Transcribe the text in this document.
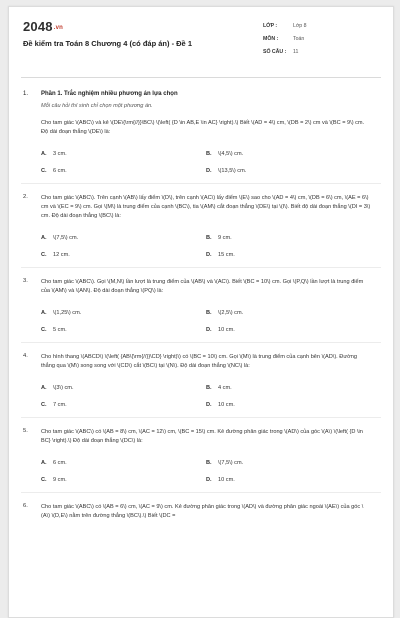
2048.vn
Đề kiểm tra Toán 8 Chương 4 (có đáp án) - Đề 1
LỚP :	Lớp 8
MÔN :	Toán
SỐ CÂU :	11
1. Phần 1. Trắc nghiệm nhiều phương án lựa chọn
Mỗi câu hỏi thí sinh chỉ chọn một phương án.
Cho tam giác \(ABC\) và kẻ \(DE\{\rm{//}}\BC\) \(\left( {D \in AB,E \in AC} \right).\) Biết \(AD = 4\) cm, \(DB = 2\) cm và \(BC = 9\) cm. Độ dài đoạn thẳng \(DE\) là:
A. 3 cm.	B. \(4,5\) cm.
C. 6 cm.	D. \(13,5\) cm.
2. Cho tam giác \(ABC\). Trên cạnh \(AB\) lấy điểm \(D\), trên cạnh \(AC\) lấy điểm \(E\) sao cho \(AD = 4\) cm, \(DB = 6\) cm, \(AE = 6\) cm và \(EC = 9\) cm. Gọi \(M\) là trung điểm của cạnh \(BC\), tia \(AM\) cắt đoạn thẳng \(DE\) tại \(I\). Biết độ dài đoạn thẳng \(DI = 3\) cm. Độ dài đoạn thẳng \(BC\) là:
A. \(7,5\) cm.	B. 9 cm.
C. 12 cm.	D. 15 cm.
3. Cho tam giác \(ABC\). Gọi \(M,N\) lần lượt là trung điểm của \(AB\) và \(AC\). Biết \(BC = 10\) cm. Gọi \(P,Q\) lần lượt là trung điểm của \(AM\) và \(AN\). Độ dài đoạn thẳng \(PQ\) là:
A. \(1,25\) cm.	B. \(2,5\) cm.
C. 5 cm.	D. 10 cm.
4. Cho hình thang \(ABCD\) \(\left( {AB\{\rm{//}}\CD} \right)\) có \(BC = 10\) cm. Gọi \(M\) là trung điểm của cạnh bên \(AD\). Đường thẳng qua \(M\) song song với \(CD\) cắt \(BC\) tại \(N\). Độ dài đoạn thẳng \(NC\) là:
A. \(3\) cm.	B. 4 cm.
C. 7 cm.	D. 10 cm.
5. Cho tam giác \(ABC\) có \(AB = 8\) cm, \(AC = 12\) cm, \(BC = 15\) cm. Kẻ đường phân giác trong \(AD\) của góc \(A\) \(\left( {D \in BC} \right).\) Độ dài đoạn thẳng \(DC\) là:
A. 6 cm.	B. \(7,5\) cm.
C. 9 cm.	D. 10 cm.
6. Cho tam giác \(ABC\) có \(AB = 6\) cm, \(AC = 9\) cm. Kẻ đường phân giác trong \(AD\) và đường phân giác ngoài \(AE\) của góc \(A\) \(D,E\) nằm trên đường thẳng \(BC\).\) Biết \(DC =
